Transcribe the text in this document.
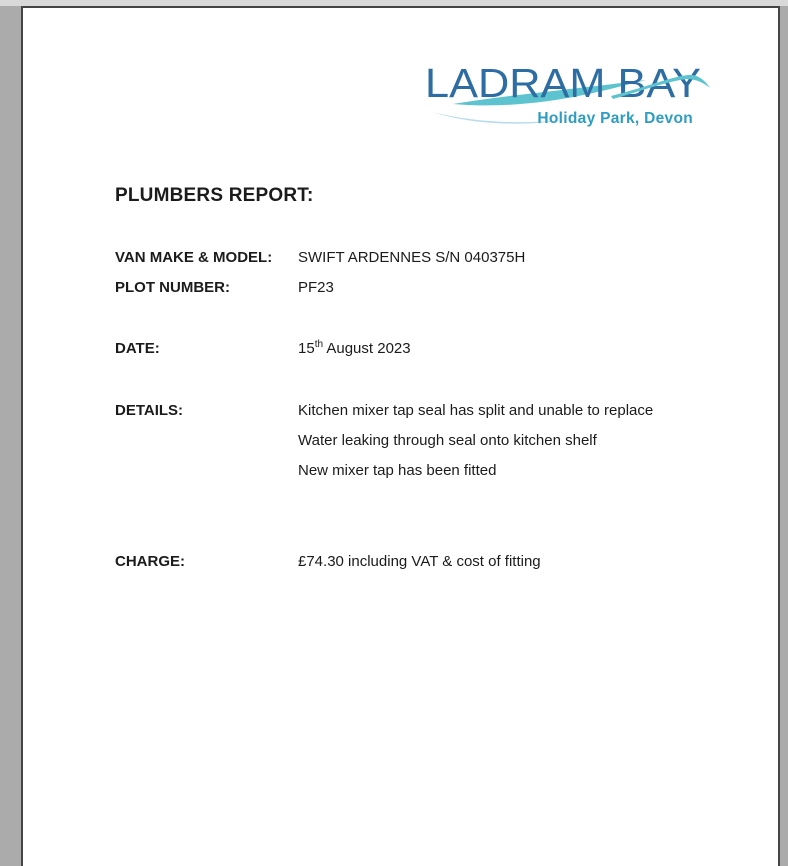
LADRAM BAY
Holiday Park, Devon
PLUMBERS REPORT:
VAN MAKE & MODEL:	SWIFT ARDENNES S/N 040375H
PLOT NUMBER:	PF23
DATE:	15th August 2023
DETAILS:	Kitchen mixer tap seal has split and unable to replace
Water leaking through seal onto kitchen shelf
New mixer tap has been fitted
CHARGE:	£74.30 including VAT & cost of fitting
